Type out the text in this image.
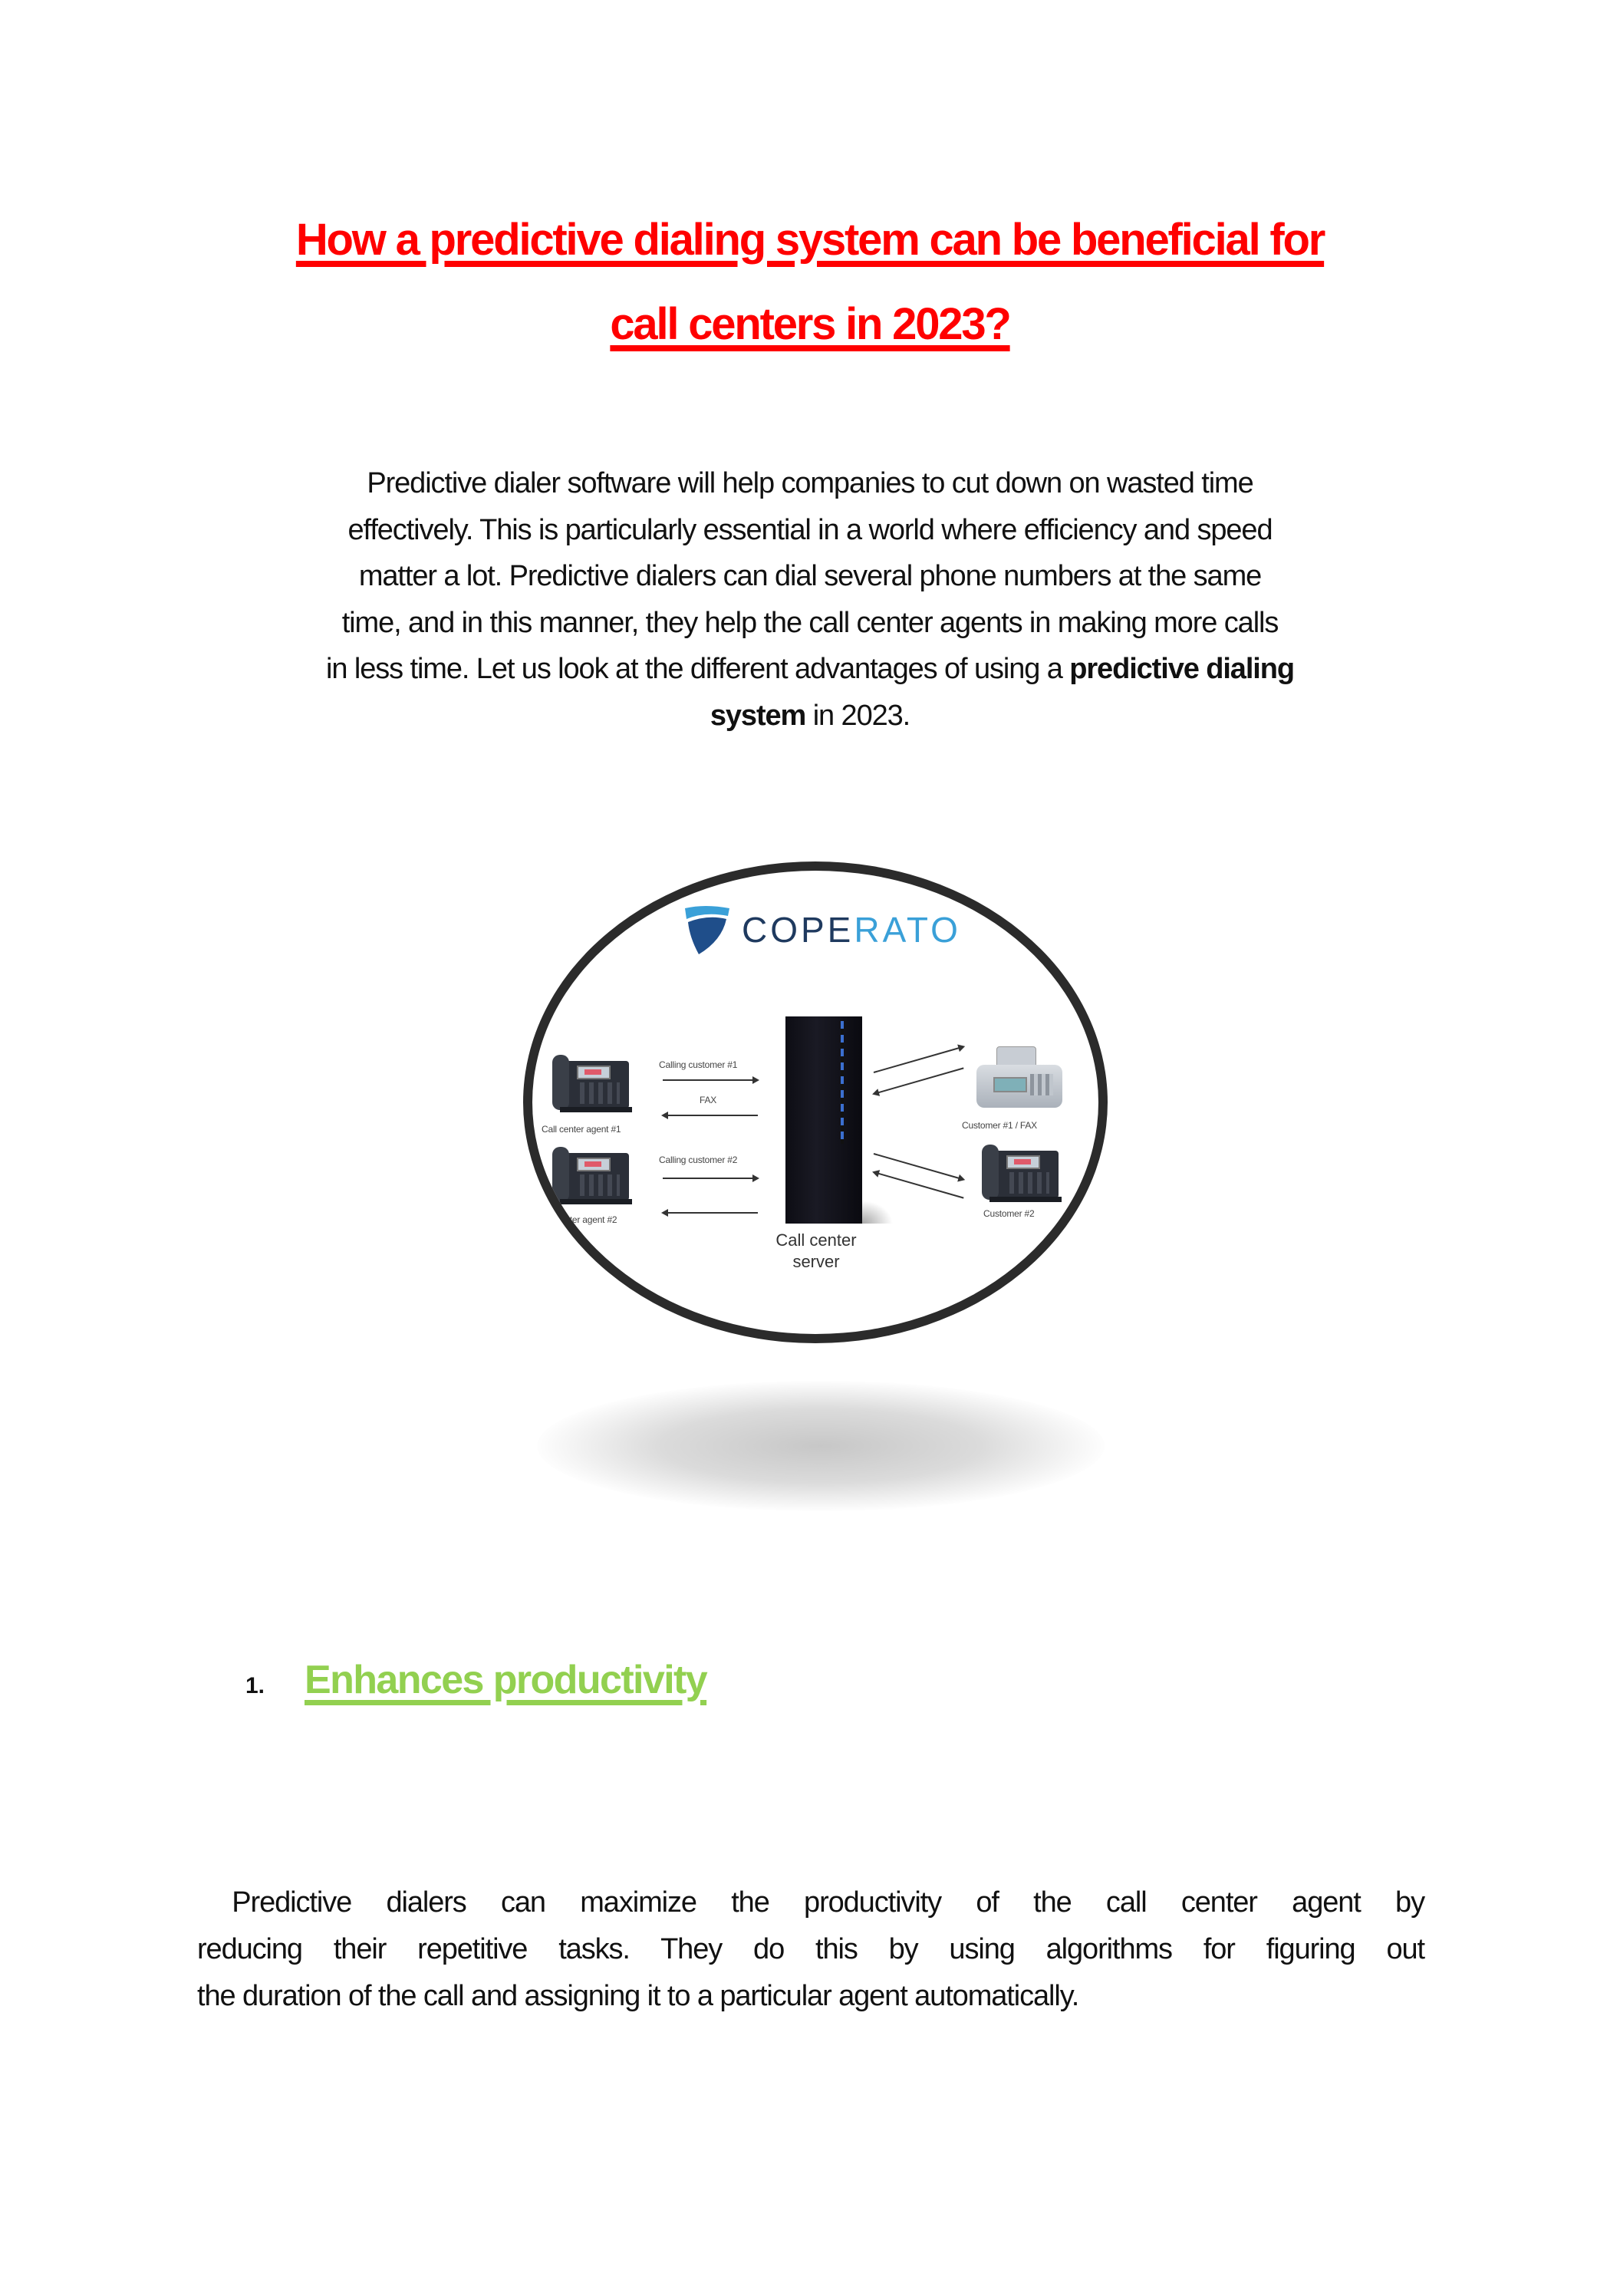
How a predictive dialing system can be beneficial for
call centers in 2023?
Predictive dialer software will help companies to cut down on wasted time
effectively. This is particularly essential in a world where efficiency and speed
matter a lot. Predictive dialers can dial several phone numbers at the same
time, and in this manner, they help the call center agents in making more calls
in less time. Let us look at the different advantages of using a predictive dialing
system in 2023.
COPERATO
Call center agent #1
center agent #2
Calling customer #1
FAX
Calling customer #2
Call center
server
Customer #1 / FAX
Customer #2
1. Enhances productivity
Predictive dialers can maximize the productivity of the call center agent by
reducing their repetitive tasks. They do this by using algorithms for figuring out
the duration of the call and assigning it to a particular agent automatically.
